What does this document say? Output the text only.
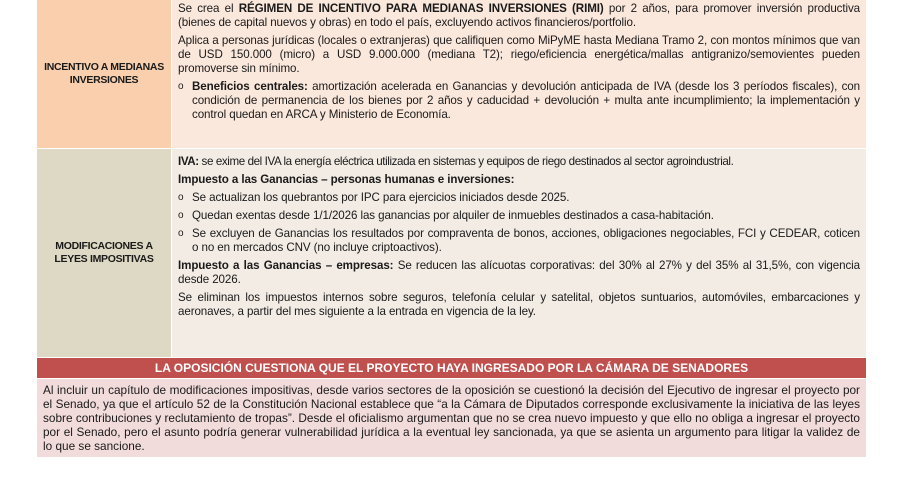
INCENTIVO A MEDIANAS INVERSIONES
Se crea el RÉGIMEN DE INCENTIVO PARA MEDIANAS INVERSIONES (RIMI) por 2 años, para promover inversión productiva (bienes de capital nuevos y obras) en todo el país, excluyendo activos financieros/portfolio.
Aplica a personas jurídicas (locales o extranjeras) que califiquen como MiPyME hasta Mediana Tramo 2, con montos mínimos que van de USD 150.000 (micro) a USD 9.000.000 (mediana T2); riego/eficiencia energética/mallas antigranizo/semovientes pueden promoverse sin mínimo.
o Beneficios centrales: amortización acelerada en Ganancias y devolución anticipada de IVA (desde los 3 períodos fiscales), con condición de permanencia de los bienes por 2 años y caducidad + devolución + multa ante incumplimiento; la implementación y control quedan en ARCA y Ministerio de Economía.
MODIFICACIONES A LEYES IMPOSITIVAS
IVA: se exime del IVA la energía eléctrica utilizada en sistemas y equipos de riego destinados al sector agroindustrial.
Impuesto a las Ganancias – personas humanas e inversiones:
o Se actualizan los quebrantos por IPC para ejercicios iniciados desde 2025.
o Quedan exentas desde 1/1/2026 las ganancias por alquiler de inmuebles destinados a casa-habitación.
o Se excluyen de Ganancias los resultados por compraventa de bonos, acciones, obligaciones negociables, FCI y CEDEAR, coticen o no en mercados CNV (no incluye criptoactivos).
Impuesto a las Ganancias – empresas: Se reducen las alícuotas corporativas: del 30% al 27% y del 35% al 31,5%, con vigencia desde 2026.
Se eliminan los impuestos internos sobre seguros, telefonía celular y satelital, objetos suntuarios, automóviles, embarcaciones y aeronaves, a partir del mes siguiente a la entrada en vigencia de la ley.
LA OPOSICIÓN CUESTIONA QUE EL PROYECTO HAYA INGRESADO POR LA CÁMARA DE SENADORES
Al incluir un capítulo de modificaciones impositivas, desde varios sectores de la oposición se cuestionó la decisión del Ejecutivo de ingresar el proyecto por el Senado, ya que el artículo 52 de la Constitución Nacional establece que “a la Cámara de Diputados corresponde exclusivamente la iniciativa de las leyes sobre contribuciones y reclutamiento de tropas”. Desde el oficialismo argumentan que no se crea nuevo impuesto y que ello no obliga a ingresar el proyecto por el Senado, pero el asunto podría generar vulnerabilidad jurídica a la eventual ley sancionada, ya que se asienta un argumento para litigar la validez de lo que se sancione.
